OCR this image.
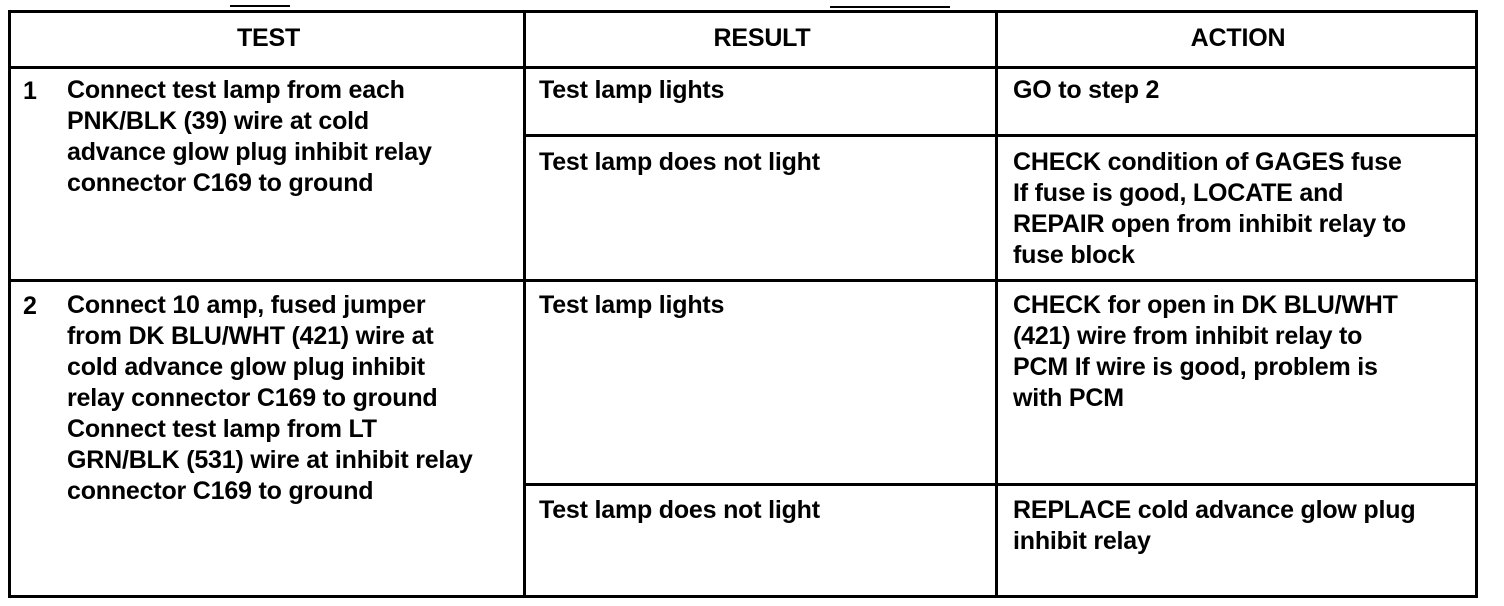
TEST	RESULT	ACTION
1 Connect test lamp from each
PNK/BLK (39) wire at cold
advance glow plug inhibit relay
connector C169 to ground
Test lamp lights	GO to step 2
Test lamp does not light	CHECK condition of GAGES fuse
If fuse is good, LOCATE and
REPAIR open from inhibit relay to
fuse block
2 Connect 10 amp, fused jumper
from DK BLU/WHT (421) wire at
cold advance glow plug inhibit
relay connector C169 to ground
Connect test lamp from LT
GRN/BLK (531) wire at inhibit relay
connector C169 to ground
Test lamp lights	CHECK for open in DK BLU/WHT
(421) wire from inhibit relay to
PCM If wire is good, problem is
with PCM
Test lamp does not light	REPLACE cold advance glow plug
inhibit relay
